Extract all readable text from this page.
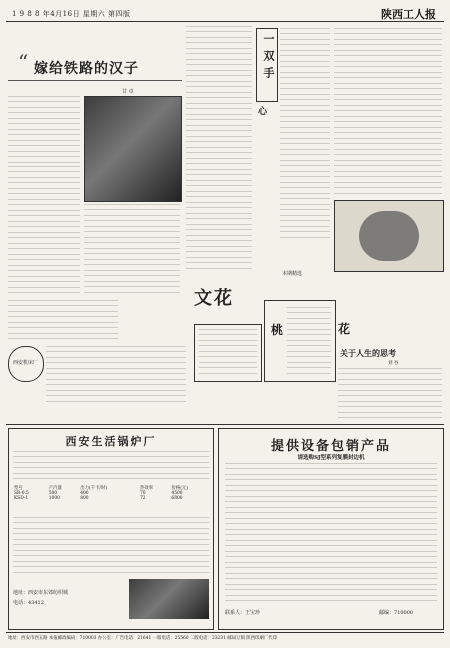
1 9 8 8 年4月16日 星期六 第四版	陕西工人报
“ 嫁给铁路的汉子
甘 卓
一双手
心
文花
本期精选
桃	花
西安机床厂
关于人生的思考
刘 谷
西安生活锅炉厂
型号	产汽量	出力(千卡/时)	热效率	价格(元)
SR-0.5	500	400	70	4500
KSD-1	1000	800	72	6800
地址：西安市东郊纺织城
电话：43412
提供设备包销产品
请选购SJ型系列复膜封边机
联系人：王宝珍	邮编：710000
地址：西安市西五路 本报邮政编码：710003 办公室：广告电话：21641 一版电话：25560 二版电话：23231 邮局订阅 陕西印刷厂代印
